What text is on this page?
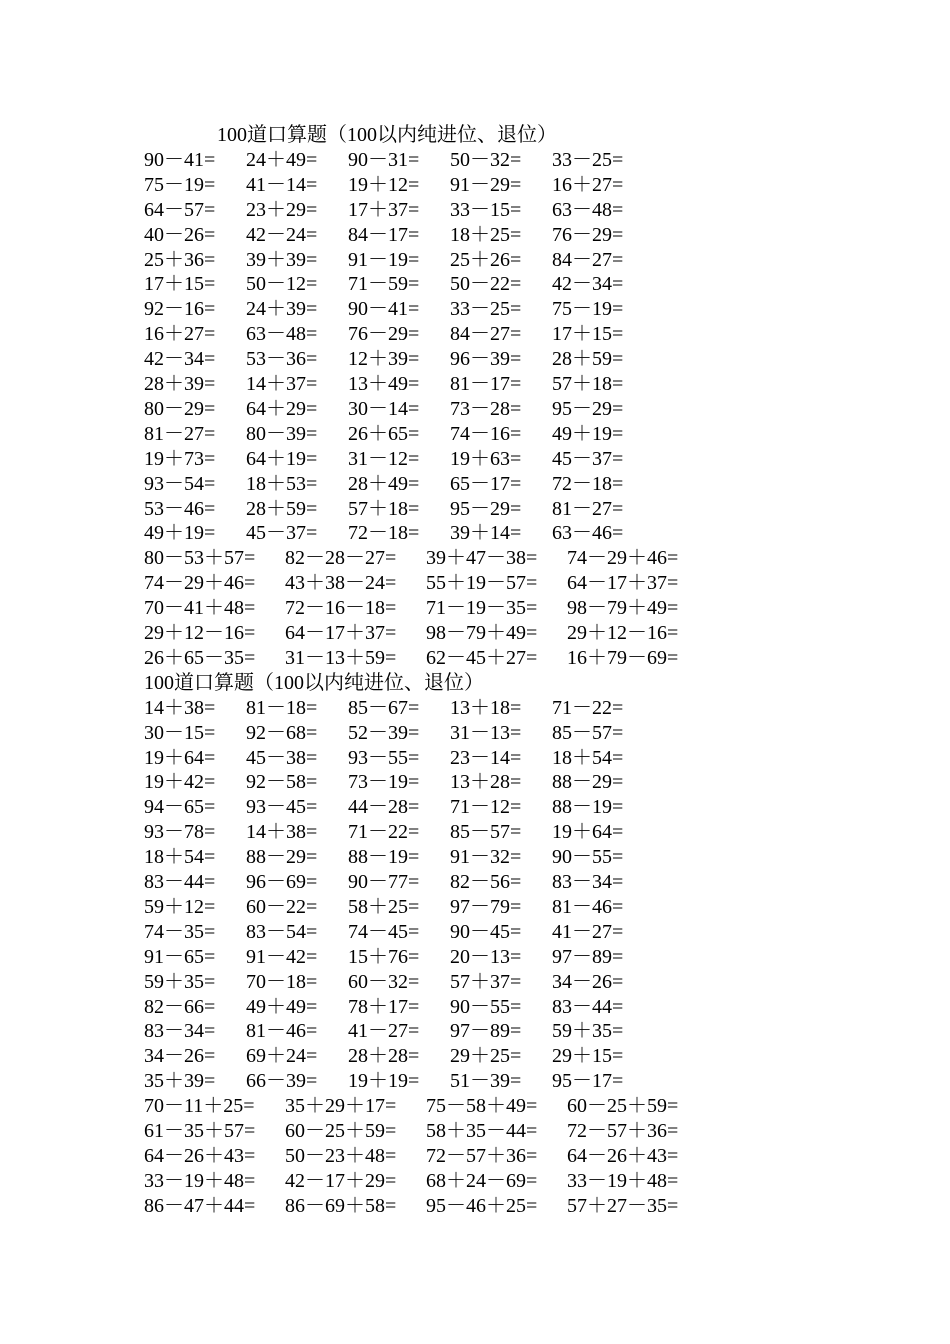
100道口算题（100以内纯进位、退位）
90－41= 24＋49= 90－31= 50－32= 33－25=
75－19= 41－14= 19＋12= 91－29= 16＋27=
64－57= 23＋29= 17＋37= 33－15= 63－48=
40－26= 42－24= 84－17= 18＋25= 76－29=
25＋36= 39＋39= 91－19= 25＋26= 84－27=
17＋15= 50－12= 71－59= 50－22= 42－34=
92－16= 24＋39= 90－41= 33－25= 75－19=
16＋27= 63－48= 76－29= 84－27= 17＋15=
42－34= 53－36= 12＋39= 96－39= 28＋59=
28＋39= 14＋37= 13＋49= 81－17= 57＋18=
80－29= 64＋29= 30－14= 73－28= 95－29=
81－27= 80－39= 26＋65= 74－16= 49＋19=
19＋73= 64＋19= 31－12= 19＋63= 45－37=
93－54= 18＋53= 28＋49= 65－17= 72－18=
53－46= 28＋59= 57＋18= 95－29= 81－27=
49＋19= 45－37= 72－18= 39＋14= 63－46=
80－53＋57= 82－28－27= 39＋47－38= 74－29＋46=
74－29＋46= 43＋38－24= 55＋19－57= 64－17＋37=
70－41＋48= 72－16－18= 71－19－35= 98－79＋49=
29＋12－16= 64－17＋37= 98－79＋49= 29＋12－16=
26＋65－35= 31－13＋59= 62－45＋27= 16＋79－69=
100道口算题（100以内纯进位、退位）
14＋38= 81－18= 85－67= 13＋18= 71－22=
30－15= 92－68= 52－39= 31－13= 85－57=
19＋64= 45－38= 93－55= 23－14= 18＋54=
19＋42= 92－58= 73－19= 13＋28= 88－29=
94－65= 93－45= 44－28= 71－12= 88－19=
93－78= 14＋38= 71－22= 85－57= 19＋64=
18＋54= 88－29= 88－19= 91－32= 90－55=
83－44= 96－69= 90－77= 82－56= 83－34=
59＋12= 60－22= 58＋25= 97－79= 81－46=
74－35= 83－54= 74－45= 90－45= 41－27=
91－65= 91－42= 15＋76= 20－13= 97－89=
59＋35= 70－18= 60－32= 57＋37= 34－26=
82－66= 49＋49= 78＋17= 90－55= 83－44=
83－34= 81－46= 41－27= 97－89= 59＋35=
34－26= 69＋24= 28＋28= 29＋25= 29＋15=
35＋39= 66－39= 19＋19= 51－39= 95－17=
70－11＋25= 35＋29＋17= 75－58＋49= 60－25＋59=
61－35＋57= 60－25＋59= 58＋35－44= 72－57＋36=
64－26＋43= 50－23＋48= 72－57＋36= 64－26＋43=
33－19＋48= 42－17＋29= 68＋24－69= 33－19＋48=
86－47＋44= 86－69＋58= 95－46＋25= 57＋27－35=
